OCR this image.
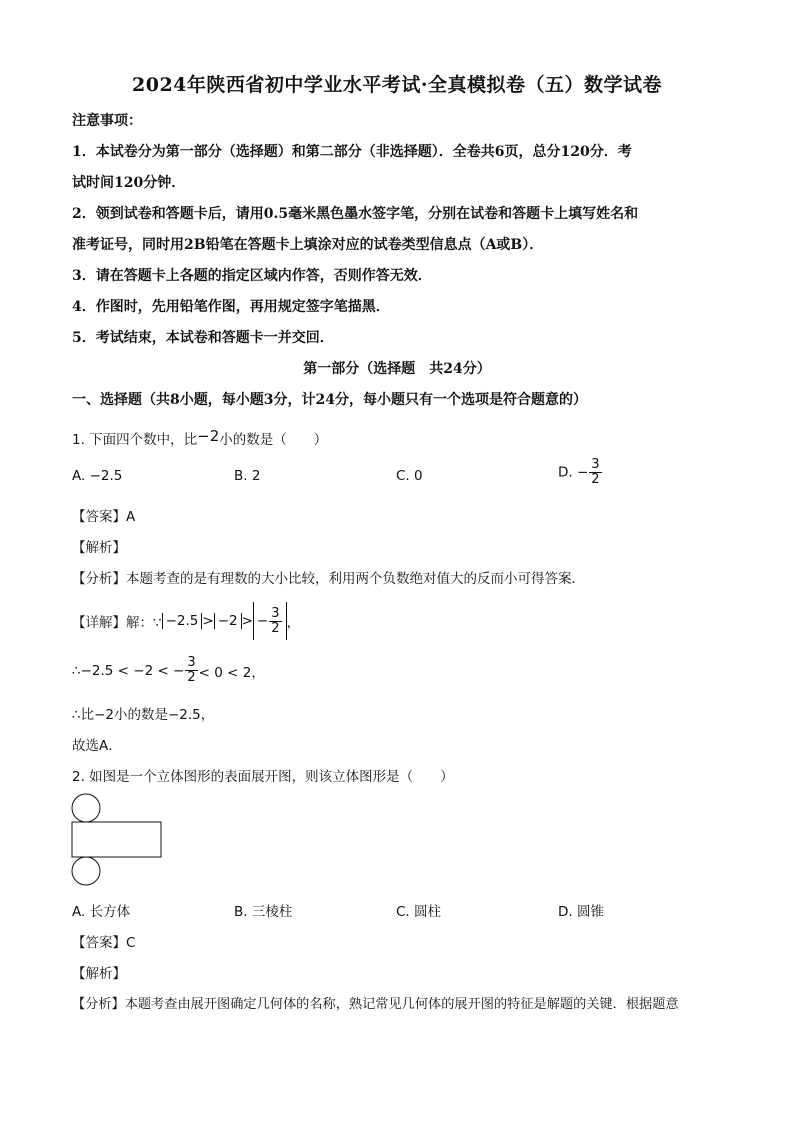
2024年陕西省初中学业水平考试·全真模拟卷（五）数学试卷
注意事项：
1．本试卷分为第一部分（选择题）和第二部分（非选择题）．全卷共6页，总分120分．考
试时间120分钟．
2．领到试卷和答题卡后，请用0.5毫米黑色墨水签字笔，分别在试卷和答题卡上填写姓名和
准考证号，同时用2B铅笔在答题卡上填涂对应的试卷类型信息点（A或B）．
3．请在答题卡上各题的指定区域内作答，否则作答无效．
4．作图时，先用铅笔作图，再用规定签字笔描黑．
5．考试结束，本试卷和答题卡一并交回．
第一部分（选择题　共24分）
一、选择题（共8小题，每小题3分，计24分，每小题只有一个选项是符合题意的）
1. 下面四个数中，比−2小的数是（　　）
A. −2.5	B. 2	C. 0	D. − $\frac{3}{2}$
【答案】A
【解析】
【分析】本题考查的是有理数的大小比较，利用两个负数绝对值大的反而小可得答案．
【详解】解：∵ −2.5 > −2 > − $\frac{3}{2}$ ，
∴−2.5 < −2 < − $\frac{3}{2} < 0 < 2$，
∴比−2小的数是−2.5，
故选A．
2. 如图是一个立体图形的表面展开图，则该立体图形是（　　）
A. 长方体	B. 三棱柱	C. 圆柱	D. 圆锥
【答案】C
【解析】
【分析】本题考查由展开图确定几何体的名称，熟记常见几何体的展开图的特征是解题的关键．根据题意
